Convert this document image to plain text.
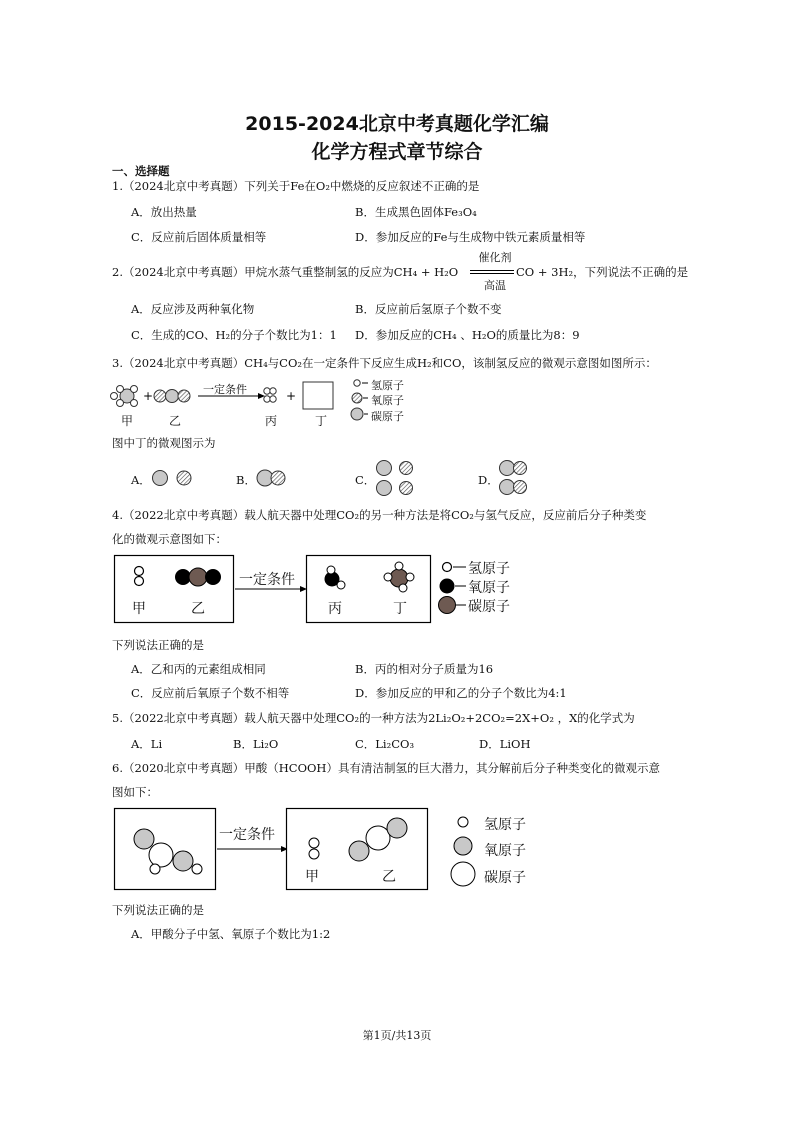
2015-2024北京中考真题化学汇编
化学方程式章节综合
一、选择题
1.（2024北京中考真题）下列关于Fe在O₂中燃烧的反应叙述不正确的是
A．放出热量	B．生成黑色固体Fe₃O₄
C．反应前后固体质量相等	D．参加反应的Fe与生成物中铁元素质量相等
2.（2024北京中考真题）甲烷水蒸气重整制氢的反应为CH₄ + H₂O
催化剂
高温
CO + 3H₂，下列说法不正确的是
A．反应涉及两种氧化物	B．反应前后氢原子个数不变
C．生成的CO、H₂的分子个数比为1：1 D．参加反应的CH₄ 、H₂O的质量比为8：9
3.（2024北京中考真题）CH₄与CO₂在一定条件下反应生成H₂和CO，该制氢反应的微观示意图如图所示：
+	+
一定条件
甲	乙	丙	丁
氢原子
氧原子
碳原子
图中丁的微观图示为
A．	B．	C．	D．
4.（2022北京中考真题）载人航天器中处理CO₂的另一种方法是将CO₂与氢气反应，反应前后分子种类变
化的微观示意图如下：
一定条件
甲	乙	丙	丁
氢原子
氧原子
碳原子
下列说法正确的是
A．乙和丙的元素组成相同	B．丙的相对分子质量为16
C．反应前后氧原子个数不相等	D．参加反应的甲和乙的分子个数比为4:1
5.（2022北京中考真题）载人航天器中处理CO₂的一种方法为2Li₂O₂+2CO₂=2X+O₂ ，X的化学式为
A．Li	B．Li₂O	C．Li₂CO₃	D．LiOH
6.（2020北京中考真题）甲酸（HCOOH）具有清洁制氢的巨大潜力，其分解前后分子种类变化的微观示意
图如下：
一定条件
甲	乙
氢原子
氧原子
碳原子
下列说法正确的是
A．甲酸分子中氢、氧原子个数比为1:2
第1页/共13页
